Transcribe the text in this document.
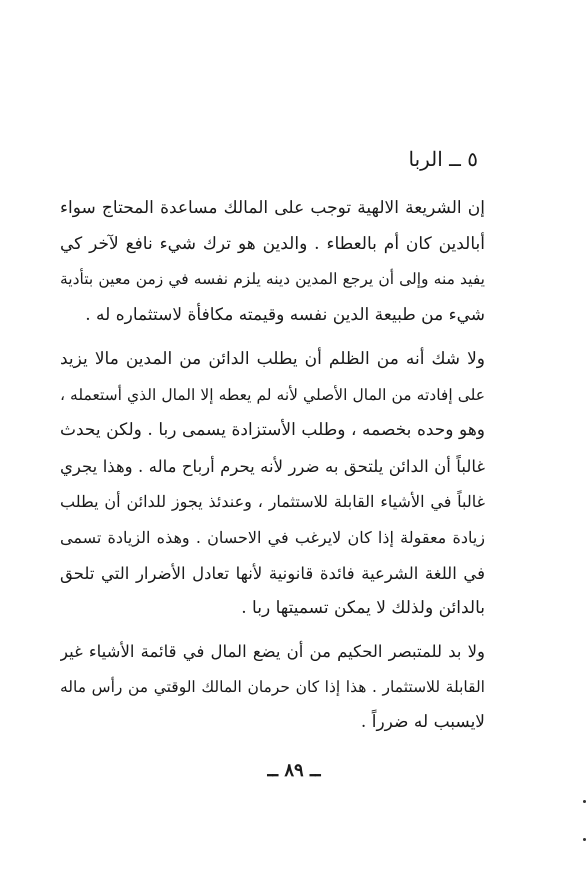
٥ ــ الربا
إن الشريعة الالهية توجب على المالك مساعدة المحتاج سواء
أبالدين كان أم بالعطاء . والدين هو ترك شيء نافع لآخر كي
يفيد منه وإلى أن يرجع المدين دينه يلزم نفسه في زمن معين بتأدية
شيء من طبيعة الدين نفسه وقيمته مكافأة لاستثماره له .
ولا شك أنه من الظلم أن يطلب الدائن من المدين مالا يزيد
على إفادته من المال الأصلي لأنه لم يعطه إلا المال الذي أستعمله ،
وهو وحده بخصمه ، وطلب الأستزادة يسمى ربا . ولكن يحدث
غالباً أن الدائن يلتحق به ضرر لأنه يحرم أرباح ماله . وهذا يجري
غالباً في الأشياء القابلة للاستثمار ، وعندئذ يجوز للدائن أن يطلب
زيادة معقولة إذا كان لايرغب في الاحسان . وهذه الزيادة تسمى
في اللغة الشرعية فائدة قانونية لأنها تعادل الأضرار التي تلحق
بالدائن ولذلك لا يمكن تسميتها ربا .
ولا بد للمتبصر الحكيم من أن يضع المال في قائمة الأشياء غير
القابلة للاستثمار . هذا إذا كان حرمان المالك الوقتي من رأس ماله
لايسبب له ضرراً .
ــ ٨٩ ــ
